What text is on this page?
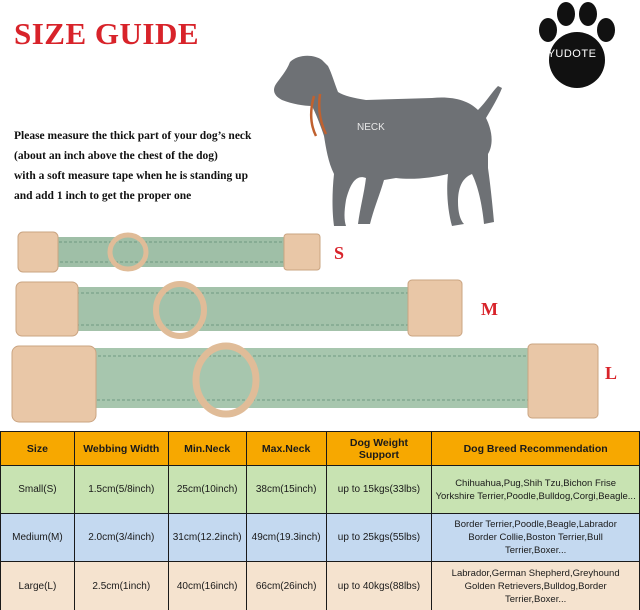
SIZE GUIDE
YUDOTE
Please measure the thick part of your dog’s neck
(about an inch above the chest of the dog)
with a soft measure tape when he is standing up
and add 1 inch to get the proper one
NECK
S
M
L
Size	Webbing Width	Min.Neck	Max.Neck	Dog Weight Support	Dog Breed Recommendation
Small(S)	1.5cm(5/8inch)	25cm(10inch)	38cm(15inch)	up to 15kgs(33lbs)	Chihuahua,Pug,Shih Tzu,Bichon Frise
Yorkshire Terrier,Poodle,Bulldog,Corgi,Beagle...

Medium(M)	2.0cm(3/4inch)	31cm(12.2inch)	49cm(19.3inch)	up to 25kgs(55lbs)	Border Terrier,Poodle,Beagle,Labrador
Border Collie,Boston Terrier,Bull
Terrier,Boxer...

Large(L)	2.5cm(1inch)	40cm(16inch)	66cm(26inch)	up to 40kgs(88lbs)	Labrador,German Shepherd,Greyhound
Golden Retrievers,Bulldog,Border
Terrier,Boxer...
